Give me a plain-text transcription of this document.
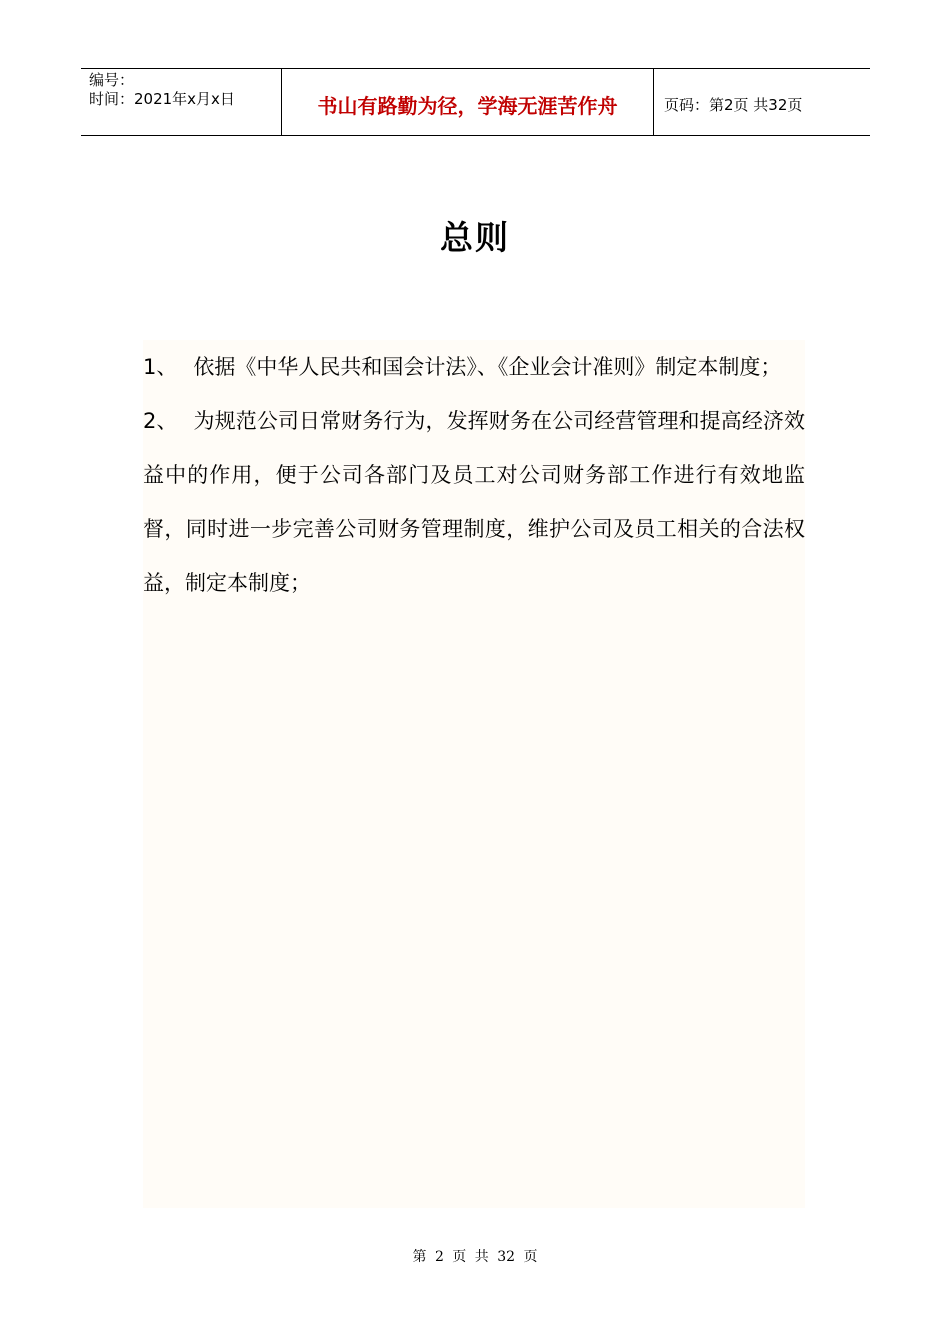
编号：
时间：2021年x月x日	书山有路勤为径，学海无涯苦作舟	页码：第2页 共32页
总则

1、 依据《中华人民共和国会计法》、《企业会计准则》制定本制度；

2、 为规范公司日常财务行为，发挥财务在公司经营管理和提高经济效益中的作用，便于公司各部门及员工对公司财务部工作进行有效地监督，同时进一步完善公司财务管理制度，维护公司及员工相关的合法权益，制定本制度；

第 2 页 共 32 页
